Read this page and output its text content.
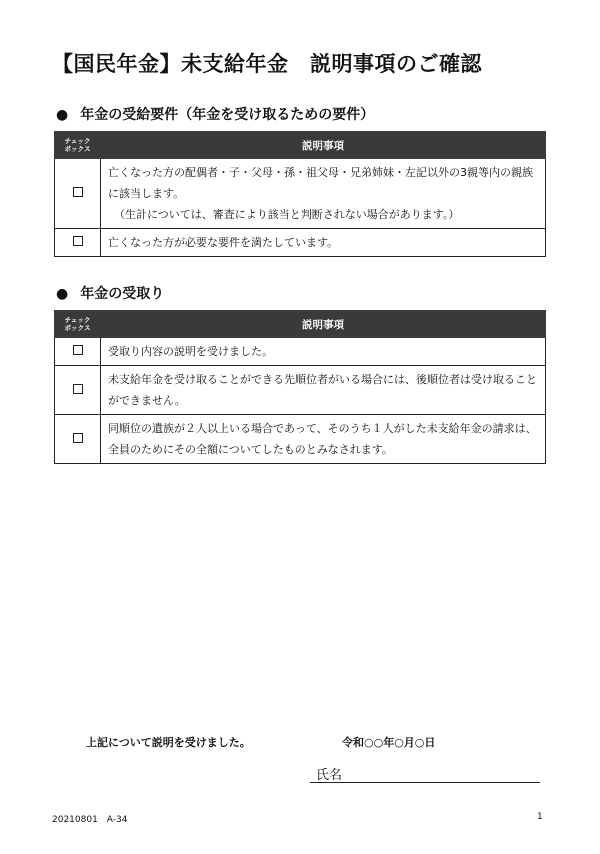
【国民年金】未支給年金　説明事項のご確認
● 年金の受給要件（年金を受け取るための要件）
チェック
ボックス	説明事項
	亡くなった方の配偶者・子・父母・孫・祖父母・兄弟姉妹・左記以外の3親等内の親族に該当します。
（生計については、審査により該当と判断されない場合があります。）

	亡くなった方が必要な要件を満たしています。
● 年金の受取り
チェック
ボックス	説明事項
	受取り内容の説明を受けました。
	未支給年金を受け取ることができる先順位者がいる場合には、後順位者は受け取ることができません。
	同順位の遺族が２人以上いる場合であって、そのうち１人がした未支給年金の請求は、全員のためにその全額についてしたものとみなされます。
上記について説明を受けました。	令和○○年○月○日
氏名
20210801　A-34	1
